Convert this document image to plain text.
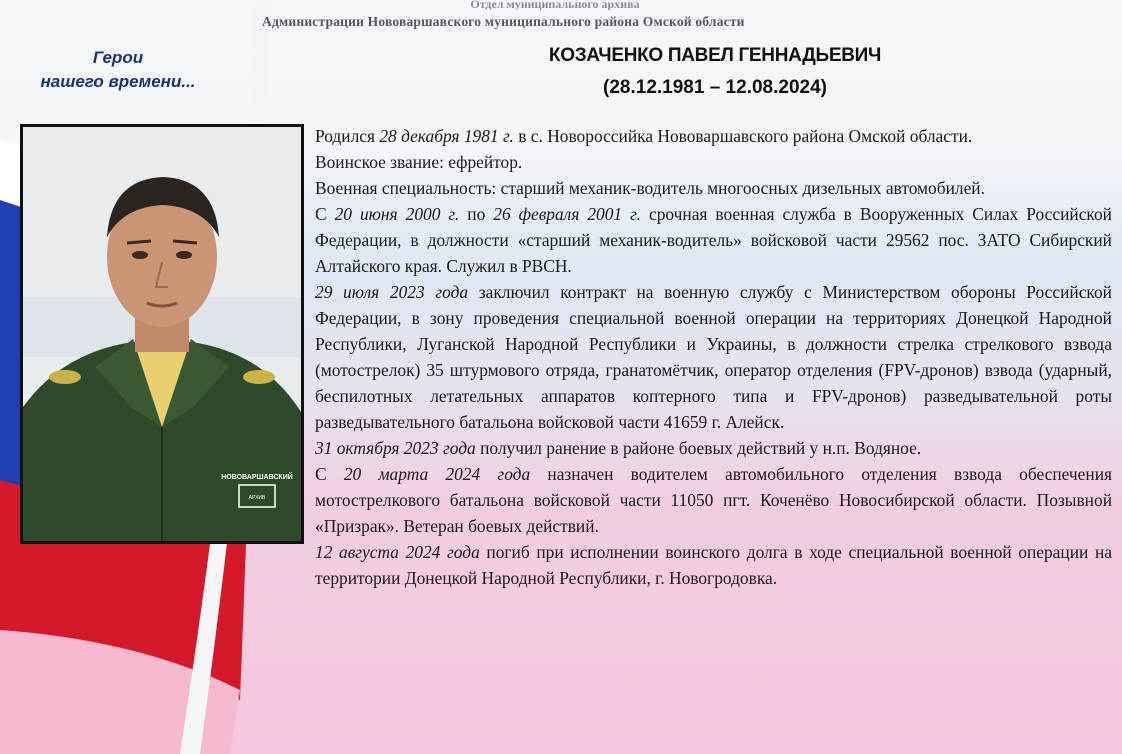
Отдел муниципального архива
Администрации Нововаршавского муниципального района Омской области
Герои
нашего времени...
КОЗАЧЕНКО ПАВЕЛ ГЕННАДЬЕВИЧ
(28.12.1981 – 12.08.2024)
НОВОВАРШАВСКИЙ
АРХИВ

Родился 28 декабря 1981 г. в с. Новороссийка Нововаршавского района Омской области.

Воинское звание: ефрейтор.

Военная специальность: старший механик-водитель многоосных дизельных автомобилей.

С 20 июня 2000 г. по 26 февраля 2001 г. срочная военная служба в Вооруженных Силах Российской Федерации, в должности «старший механик-водитель» войсковой части 29562 пос. ЗАТО Сибирский Алтайского края. Служил в РВСН.

29 июля 2023 года заключил контракт на военную службу с Министерством обороны Российской Федерации, в зону проведения специальной военной операции на территориях Донецкой Народной Республики, Луганской Народной Республики и Украины, в должности стрелка стрелкового взвода (мотострелок) 35 штурмового отряда, гранатомётчик, оператор отделения (FPV-дронов) взвода (ударный, беспилотных летательных аппаратов коптерного типа и FPV-дронов) разведывательной роты разведывательного батальона войсковой части 41659 г. Алейск.

31 октября 2023 года получил ранение в районе боевых действий у н.п. Водяное.

С 20 марта 2024 года назначен водителем автомобильного отделения взвода обеспечения мотострелкового батальона войсковой части 11050 пгт. Коченёво Новосибирской области. Позывной «Призрак». Ветеран боевых действий.

12 августа 2024 года погиб при исполнении воинского долга в ходе специальной военной операции на территории Донецкой Народной Республики, г. Новогродовка.
